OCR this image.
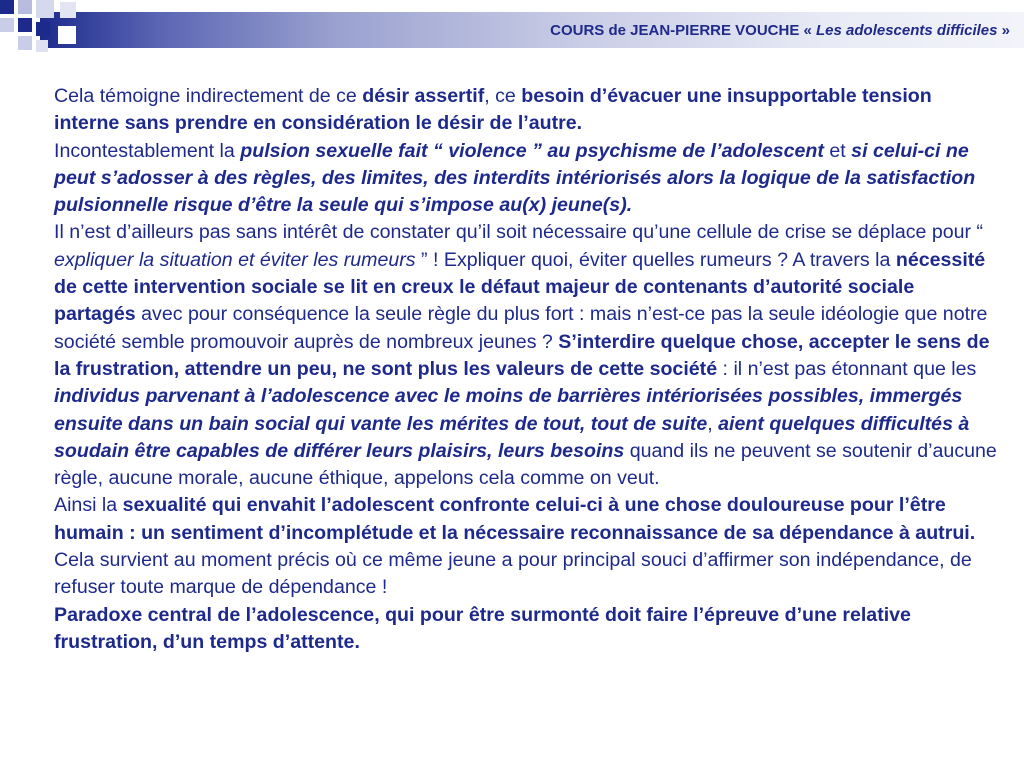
COURS de JEAN-PIERRE VOUCHE « Les adolescents difficiles »

Cela témoigne indirectement de ce désir assertif, ce besoin d’évacuer une insupportable tension interne sans prendre en considération le désir de l’autre.

Incontestablement la pulsion sexuelle fait “ violence ” au psychisme de l’adolescent et si celui-ci ne peut s’adosser à des règles, des limites, des interdits intériorisés alors la logique de la satisfaction pulsionnelle risque d’être la seule qui s’impose au(x) jeune(s).

Il n’est d’ailleurs pas sans intérêt de constater qu’il soit nécessaire qu’une cellule de crise se déplace pour “ expliquer la situation et éviter les rumeurs ” ! Expliquer quoi, éviter quelles rumeurs ? A travers la nécessité de cette intervention sociale se lit en creux le défaut majeur de contenants d’autorité sociale partagés avec pour conséquence la seule règle du plus fort : mais n’est-ce pas la seule idéologie que notre société semble promouvoir auprès de nombreux jeunes ? S’interdire quelque chose, accepter le sens de la frustration, attendre un peu, ne sont plus les valeurs de cette société : il n’est pas étonnant que les individus parvenant à l’adolescence avec le moins de barrières intériorisées possibles, immergés ensuite dans un bain social qui vante les mérites de tout, tout de suite, aient quelques difficultés à soudain être capables de différer leurs plaisirs, leurs besoins quand ils ne peuvent se soutenir d’aucune règle, aucune morale, aucune éthique, appelons cela comme on veut.

Ainsi la sexualité qui envahit l’adolescent confronte celui-ci à une chose douloureuse pour l’être humain : un sentiment d’incomplétude et la nécessaire reconnaissance de sa dépendance à autrui. Cela survient au moment précis où ce même jeune a pour principal souci d’affirmer son indépendance, de refuser toute marque de dépendance !

Paradoxe central de l’adolescence, qui pour être surmonté doit faire l’épreuve d’une relative frustration, d’un temps d’attente.
